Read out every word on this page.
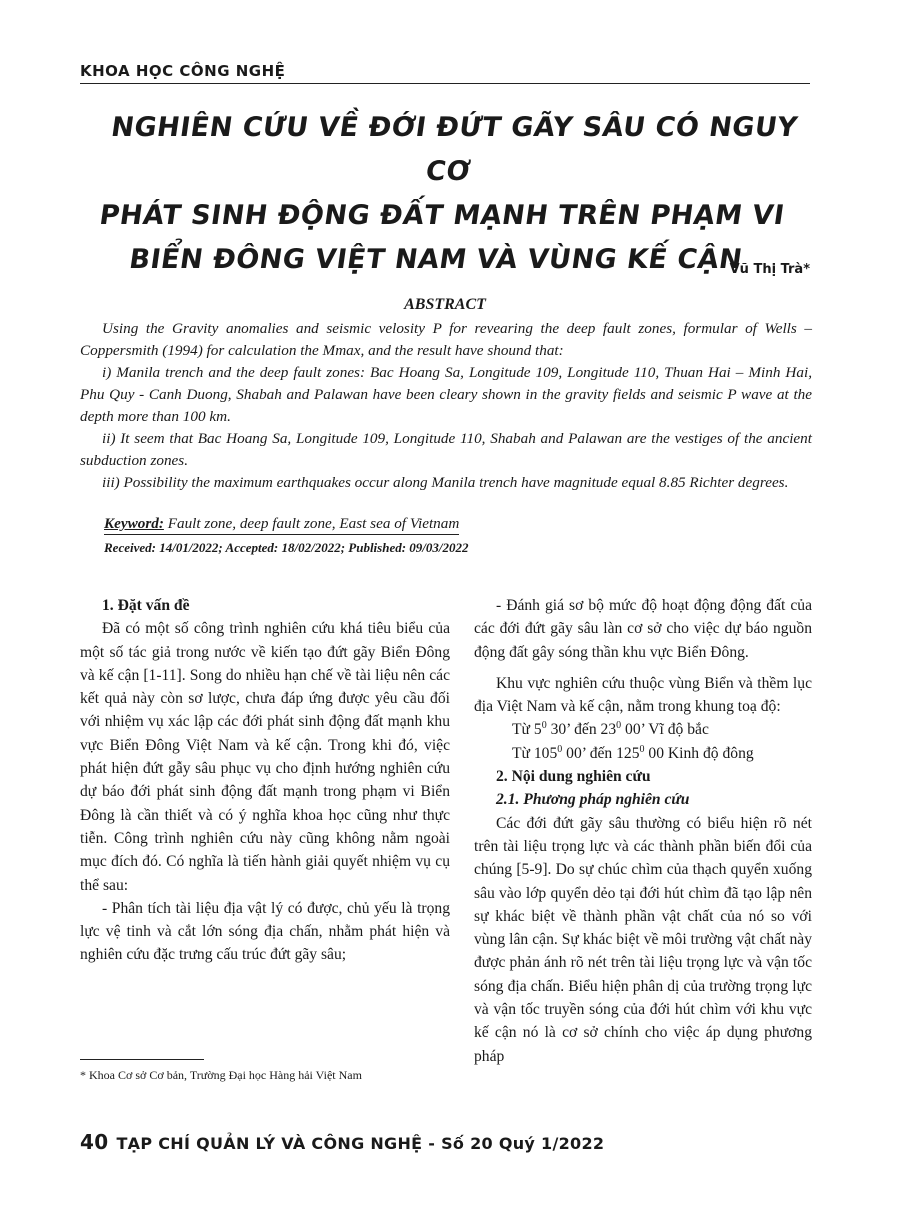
KHOA HỌC CÔNG NGHỆ
NGHIÊN CỨU VỀ ĐỚI ĐỨT GÃY SÂU CÓ NGUY CƠ
PHÁT SINH ĐỘNG ĐẤT MẠNH TRÊN PHẠM VI
BIỂN ĐÔNG VIỆT NAM VÀ VÙNG KẾ CẬN
Vũ Thị Trà*
ABSTRACT

Using the Gravity anomalies and seismic velosity P for revearing the deep fault zones, formular of Wells – Coppersmith (1994) for calculation the Mmax, and the result have shound that:

i) Manila trench and the deep fault zones: Bac Hoang Sa, Longitude 109, Longitude 110, Thuan Hai – Minh Hai, Phu Quy - Canh Duong, Shabah and Palawan have been cleary shown in the gravity fields and seismic P wave at the depth more than 100 km.

ii) It seem that Bac Hoang Sa, Longitude 109, Longitude 110, Shabah and Palawan are the vestiges of the ancient subduction zones.

iii) Possibility the maximum earthquakes occur along Manila trench have magnitude equal 8.85 Richter degrees.

Keyword: Fault zone, deep fault zone, East sea of Vietnam
Received: 14/01/2022; Accepted: 18/02/2022; Published: 09/03/2022

1. Đặt vấn đề

Đã có một số công trình nghiên cứu khá tiêu biểu của một số tác giả trong nước về kiến tạo đứt gãy Biển Đông và kế cận [1-11]. Song do nhiều hạn chế về tài liệu nên các kết quả này còn sơ lược, chưa đáp ứng được yêu cầu đối với nhiệm vụ xác lập các đới phát sinh động đất mạnh khu vực Biển Đông Việt Nam và kế cận. Trong khi đó, việc phát hiện đứt gẫy sâu phục vụ cho định hướng nghiên cứu dự báo đới phát sinh động đất mạnh trong phạm vi Biển Đông là cần thiết và có ý nghĩa khoa học cũng như thực tiễn. Công trình nghiên cứu này cũng không nằm ngoài mục đích đó. Có nghĩa là tiến hành giải quyết nhiệm vụ cụ thể sau:

- Phân tích tài liệu địa vật lý có được, chủ yếu là trọng lực vệ tinh và cắt lớn sóng địa chấn, nhằm phát hiện và nghiên cứu đặc trưng cấu trúc đứt gãy sâu;

- Đánh giá sơ bộ mức độ hoạt động động đất của các đới đứt gãy sâu làn cơ sở cho việc dự báo nguồn động đất gây sóng thần khu vực Biển Đông.

Khu vực nghiên cứu thuộc vùng Biển và thềm lục địa Việt Nam và kế cận, nằm trong khung toạ độ:

Từ $5^0$ 30’ đến $23^0$ 00’ Vĩ độ bắc

Từ $105^0$ 00’ đến $125^0$ 00 Kinh độ đông

2. Nội dung nghiên cứu

2.1. Phương pháp nghiên cứu

Các đới đứt gãy sâu thường có biểu hiện rõ nét trên tài liệu trọng lực và các thành phần biến đổi của chúng [5-9]. Do sự chúc chìm của thạch quyển xuống sâu vào lớp quyển dẻo tại đới hút chìm đã tạo lập nên sự khác biệt về thành phần vật chất của nó so với vùng lân cận. Sự khác biệt về môi trường vật chất này được phản ánh rõ nét trên tài liệu trọng lực và vận tốc sóng địa chấn. Biểu hiện phân dị của trường trọng lực và vận tốc truyền sóng của đới hút chìm với khu vực kế cận nó là cơ sở chính cho việc áp dụng phương pháp

* Khoa Cơ sở Cơ bản, Trường Đại học Hàng hải Việt Nam
40 TẠP CHÍ QUẢN LÝ VÀ CÔNG NGHỆ - Số 20 Quý 1/2022
